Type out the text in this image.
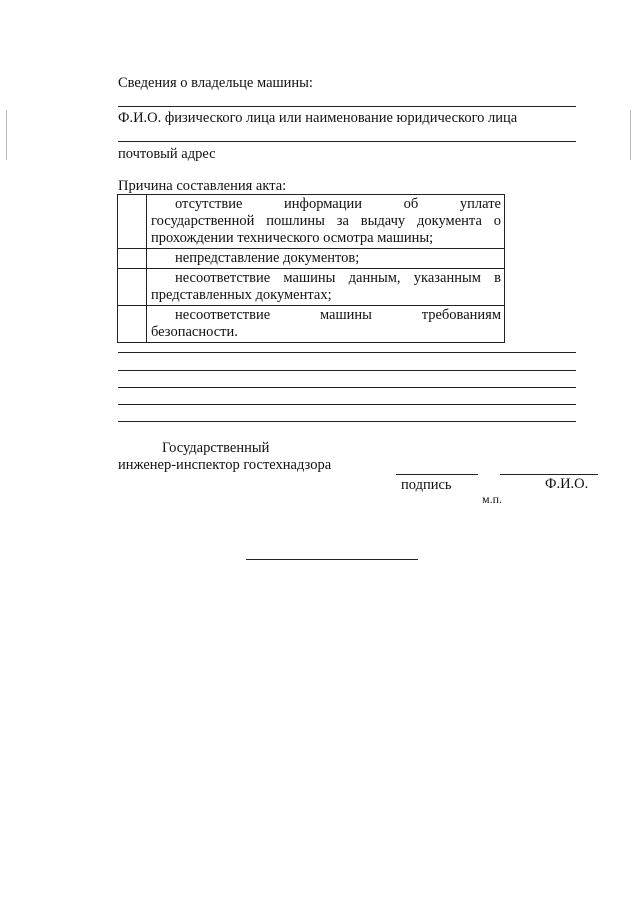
Сведения о владельце машины:
Ф.И.О. физического лица или наименование юридического лица
почтовый адрес
Причина составления акта:

	отсутствие информации об уплате
государственной пошлины за выдачу документа о прохождении технического осмотра машины;

	непредставление документов;

	несоответствие машины данным, указанным в
представленных документах;

	несоответствие машины требованиям
безопасности.
Государственный
инженер-инспектор гостехнадзора
подпись	Ф.И.О.
м.п.
